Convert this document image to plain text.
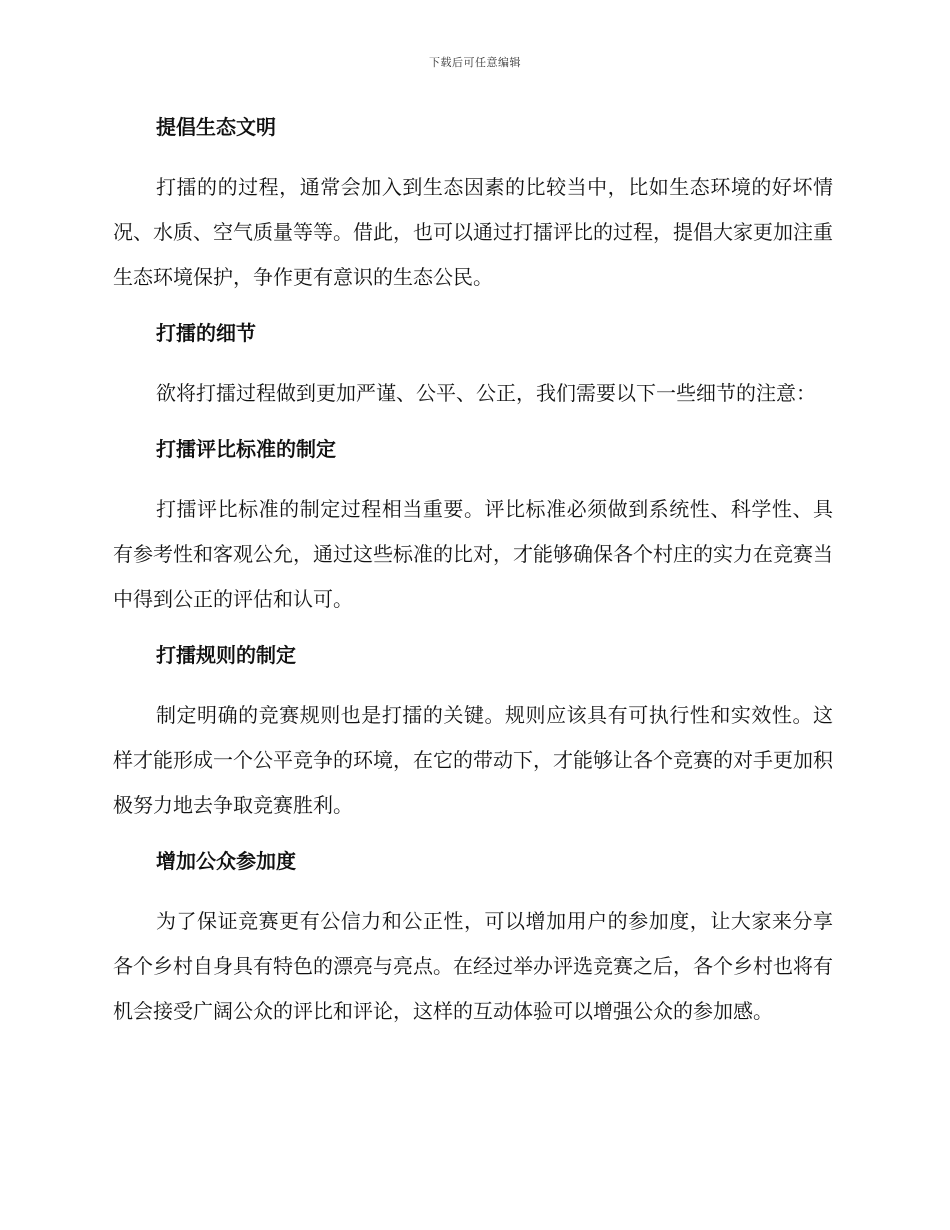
下载后可任意编辑
提倡生态文明

打擂的的过程，通常会加入到生态因素的比较当中，比如生态环境的好坏情况、水质、空气质量等等。借此，也可以通过打擂评比的过程，提倡大家更加注重生态环境保护，争作更有意识的生态公民。

打擂的细节

欲将打擂过程做到更加严谨、公平、公正，我们需要以下一些细节的注意：

打擂评比标准的制定

打擂评比标准的制定过程相当重要。评比标准必须做到系统性、科学性、具有参考性和客观公允，通过这些标准的比对，才能够确保各个村庄的实力在竞赛当中得到公正的评估和认可。

打擂规则的制定

制定明确的竞赛规则也是打擂的关键。规则应该具有可执行性和实效性。这样才能形成一个公平竞争的环境，在它的带动下，才能够让各个竞赛的对手更加积极努力地去争取竞赛胜利。

增加公众参加度

为了保证竞赛更有公信力和公正性，可以增加用户的参加度，让大家来分享各个乡村自身具有特色的漂亮与亮点。在经过举办评选竞赛之后，各个乡村也将有机会接受广阔公众的评比和评论，这样的互动体验可以增强公众的参加感。
